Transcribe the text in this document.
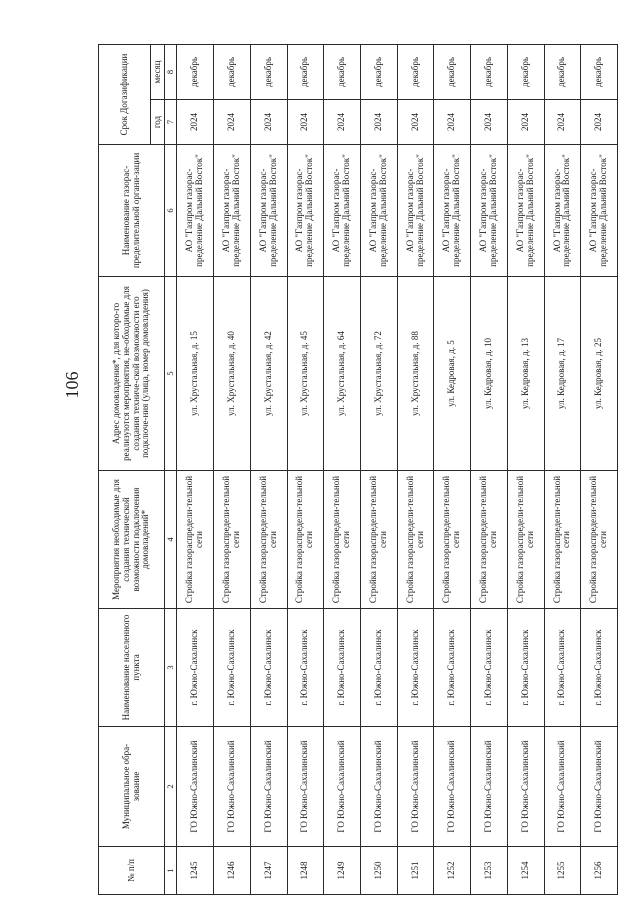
106
№ п/п	Муниципальное обра-зование	Наименование населенного пункта	Мероприятия необходимые для создания технической возможности подключения домовладений*	Адрес домовладения*, для которо-го реализуются мероприятия, не-обходимые для создания техниче-ской возможности его подключе-ния (улица, номер домовладения)	Наименование газорас-пределительной органи-зации	Срок Догазификации	
						год	месяц
1	2	3	4	5	6	7	8
1245	ГО Южно-Сахалинский	г. Южно-Сахалинск	Стройка газораспредели-тельной сети	ул. Хрустальная, д. 15	АО "Газпром газорас-пределение Дальний Восток"	2024	декабрь
1246	ГО Южно-Сахалинский	г. Южно-Сахалинск	Стройка газораспредели-тельной сети	ул. Хрустальная, д. 40	АО "Газпром газорас-пределение Дальний Восток"	2024	декабрь
1247	ГО Южно-Сахалинский	г. Южно-Сахалинск	Стройка газораспредели-тельной сети	ул. Хрустальная, д. 42	АО "Газпром газорас-пределение Дальний Восток"	2024	декабрь
1248	ГО Южно-Сахалинский	г. Южно-Сахалинск	Стройка газораспредели-тельной сети	ул. Хрустальная, д. 45	АО "Газпром газорас-пределение Дальний Восток"	2024	декабрь
1249	ГО Южно-Сахалинский	г. Южно-Сахалинск	Стройка газораспредели-тельной сети	ул. Хрустальная, д. 64	АО "Газпром газорас-пределение Дальний Восток"	2024	декабрь
1250	ГО Южно-Сахалинский	г. Южно-Сахалинск	Стройка газораспредели-тельной сети	ул. Хрустальная, д. 72	АО "Газпром газорас-пределение Дальний Восток"	2024	декабрь
1251	ГО Южно-Сахалинский	г. Южно-Сахалинск	Стройка газораспредели-тельной сети	ул. Хрустальная, д. 88	АО "Газпром газорас-пределение Дальний Восток"	2024	декабрь
1252	ГО Южно-Сахалинский	г. Южно-Сахалинск	Стройка газораспредели-тельной сети	ул. Кедровая, д. 5	АО "Газпром газорас-пределение Дальний Восток"	2024	декабрь
1253	ГО Южно-Сахалинский	г. Южно-Сахалинск	Стройка газораспредели-тельной сети	ул. Кедровая, д. 10	АО "Газпром газорас-пределение Дальний Восток"	2024	декабрь
1254	ГО Южно-Сахалинский	г. Южно-Сахалинск	Стройка газораспредели-тельной сети	ул. Кедровая, д. 13	АО "Газпром газорас-пределение Дальний Восток"	2024	декабрь
1255	ГО Южно-Сахалинский	г. Южно-Сахалинск	Стройка газораспредели-тельной сети	ул. Кедровая, д. 17	АО "Газпром газорас-пределение Дальний Восток"	2024	декабрь
1256	ГО Южно-Сахалинский	г. Южно-Сахалинск	Стройка газораспредели-тельной сети	ул. Кедровая, д. 25	АО "Газпром газорас-пределение Дальний Восток"	2024	декабрь
